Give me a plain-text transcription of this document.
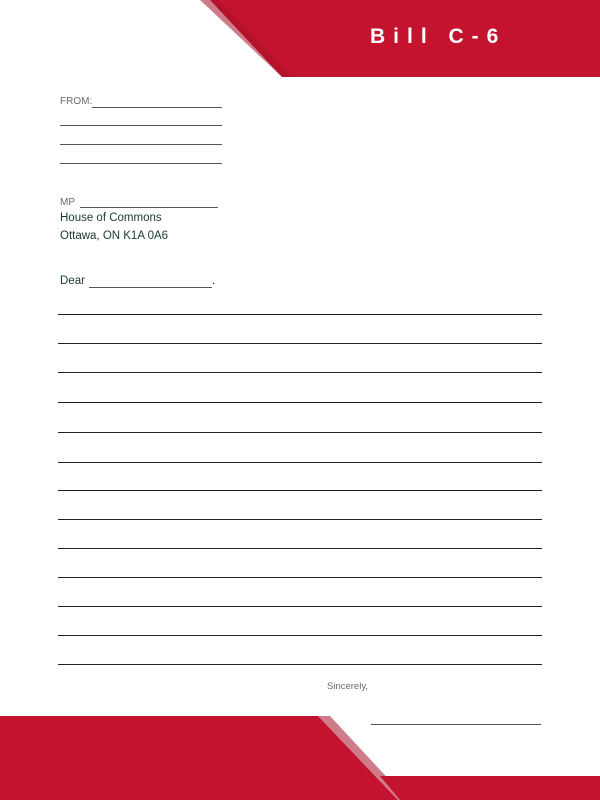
Bill C-6
FROM:
MP
House of Commons
Ottawa, ON K1A 0A6
Dear	.
Sincerely,
